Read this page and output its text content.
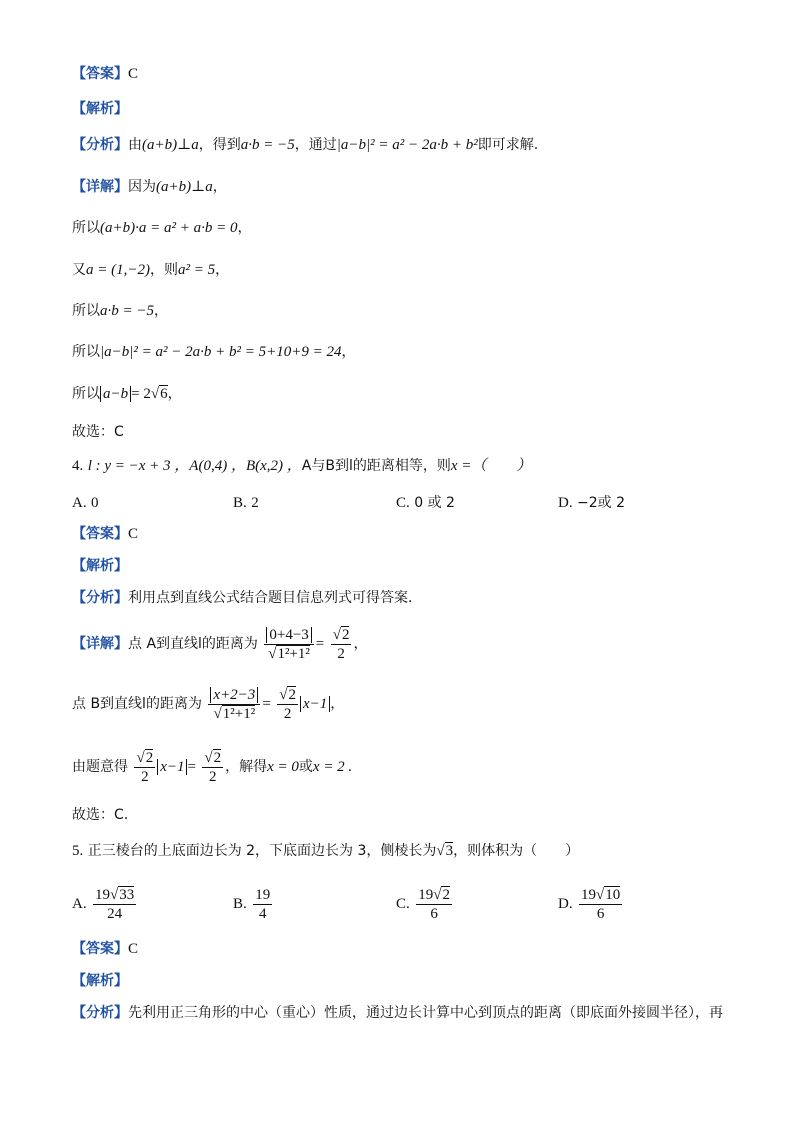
【答案】C
【解析】
【分析】由(a+b)⊥a，得到a·b = −5，通过|a−b|² = a² − 2a·b + b²即可求解.
【详解】因为(a+b)⊥a，
所以(a+b)·a = a² + a·b = 0，
又a = (1,−2)，则a² = 5，
所以a·b = −5，
所以|a−b|² = a² − 2a·b + b² = 5+10+9 = 24，
所以 a−b = 2√6，
故选：C
4. l : y = −x + 3 ，A(0,4) ，B(x,2) ，A与B到l的距离相等，则x =（　　）
A. 0	B. 2	C. 0 或 2	D. −2或 2
【答案】C
【解析】
【分析】利用点到直线公式结合题目信息列式可得答案.
【详解】点 A到直线l的距离为 $\frac{0+4-3}{\text{√1²+1²}} = \frac{√2}{2}$ ，
点 B到直线l的距离为 $\frac{x+2-3}{\text{√1²+1²}} = \frac{√2}{2} x-1$ ，
由题意得 $\frac{√2}{2} x-1 = \frac{√2}{2}$ ，解得x = 0或x = 2 .
故选：C.
5. 正三棱台的上底面边长为 2，下底面边长为 3，侧棱长为√3，则体积为（　　）
A. $\frac{19√33}{24}$	B. $\frac{19}{4}$	C. $\frac{19√2}{6}$	D. $\frac{19√10}{6}$
【答案】C
【解析】
【分析】先利用正三角形的中心（重心）性质，通过边长计算中心到顶点的距离（即底面外接圆半径），再
